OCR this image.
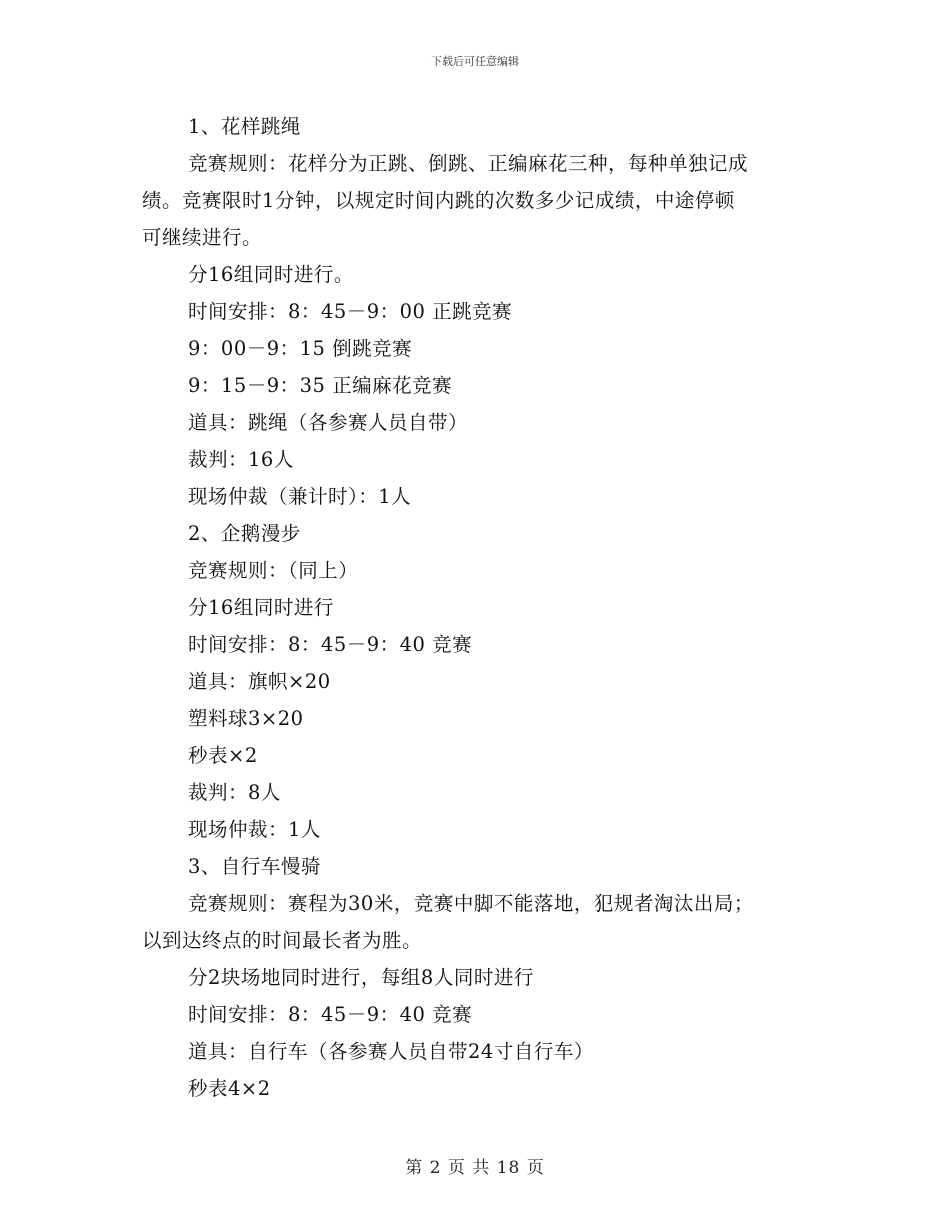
下载后可任意编辑
1、花样跳绳
竞赛规则：花样分为正跳、倒跳、正编麻花三种，每种单独记成
绩。竞赛限时1分钟，以规定时间内跳的次数多少记成绩，中途停顿
可继续进行。
分16组同时进行。
时间安排：8：45－9：00 正跳竞赛
9：00－9：15 倒跳竞赛
9：15－9：35 正编麻花竞赛
道具：跳绳（各参赛人员自带）
裁判：16人
现场仲裁（兼计时）：1人
2、企鹅漫步
竞赛规则：（同上）
分16组同时进行
时间安排：8：45－9：40 竞赛
道具：旗帜×20
塑料球3×20
秒表×2
裁判：8人
现场仲裁：1人
3、自行车慢骑
竞赛规则：赛程为30米，竞赛中脚不能落地，犯规者淘汰出局；
以到达终点的时间最长者为胜。
分2块场地同时进行，每组8人同时进行
时间安排：8：45－9：40 竞赛
道具：自行车（各参赛人员自带24寸自行车）
秒表4×2
第 2 页 共 18 页
